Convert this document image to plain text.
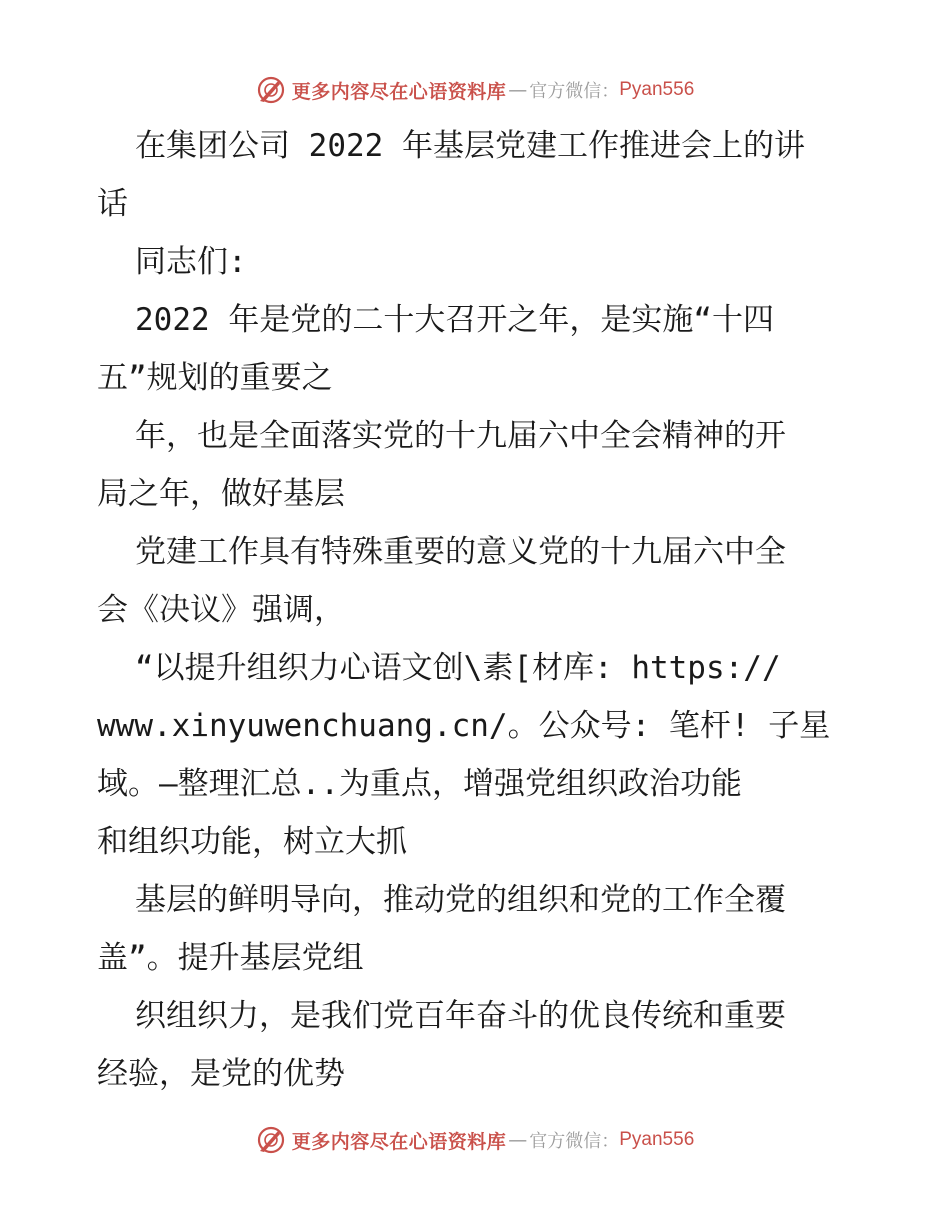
更多内容尽在心语资料库 — 官方微信： Pyan556
在集团公司 2022 年基层党建工作推进会上的讲
话
同志们:
2022 年是党的二十大召开之年，是实施“十四
五”规划的重要之
年，也是全面落实党的十九届六中全会精神的开
局之年，做好基层
党建工作具有特殊重要的意义党的十九届六中全
会《决议》强调，
“以提升组织力心语文创\素[材库: https://
www.xinyuwenchuang.cn/。公众号: 笔杆! 子星
域。—整理汇总..为重点，增强党组织政治功能
和组织功能，树立大抓
基层的鲜明导向，推动党的组织和党的工作全覆
盖”。提升基层党组
织组织力，是我们党百年奋斗的优良传统和重要
经验，是党的优势
更多内容尽在心语资料库 — 官方微信： Pyan556
